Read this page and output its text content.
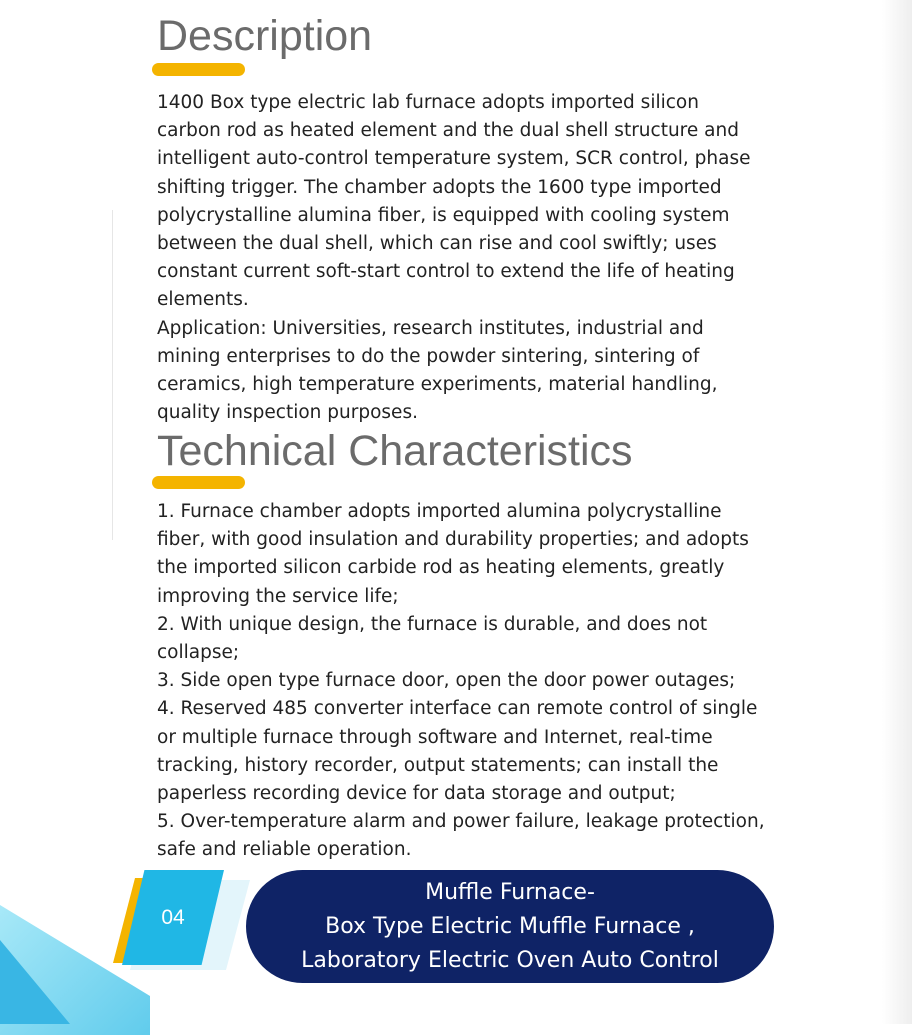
Description

1400 Box type electric lab furnace adopts imported silicon carbon rod as heated element and the dual shell structure and intelligent auto-control temperature system, SCR control, phase shifting trigger. The chamber adopts the 1600 type imported polycrystalline alumina fiber, is equipped with cooling system between the dual shell, which can rise and cool swiftly; uses constant current soft-start control to extend the life of heating elements.

Application: Universities, research institutes, industrial and mining enterprises to do the powder sintering, sintering of ceramics, high temperature experiments, material handling, quality inspection purposes.

Technical Characteristics

1. Furnace chamber adopts imported alumina polycrystalline fiber, with good insulation and durability properties; and adopts the imported silicon carbide rod as heating elements, greatly improving the service life;

2. With unique design, the furnace is durable, and does not collapse;

3. Side open type furnace door, open the door power outages;

4. Reserved 485 converter interface can remote control of single or multiple furnace through software and Internet, real-time tracking, history recorder, output statements; can install the paperless recording device for data storage and output;

5. Over-temperature alarm and power failure, leakage protection, safe and reliable operation.

04
Muffle Furnace-
Box Type Electric Muffle Furnace ,
Laboratory Electric Oven Auto Control
